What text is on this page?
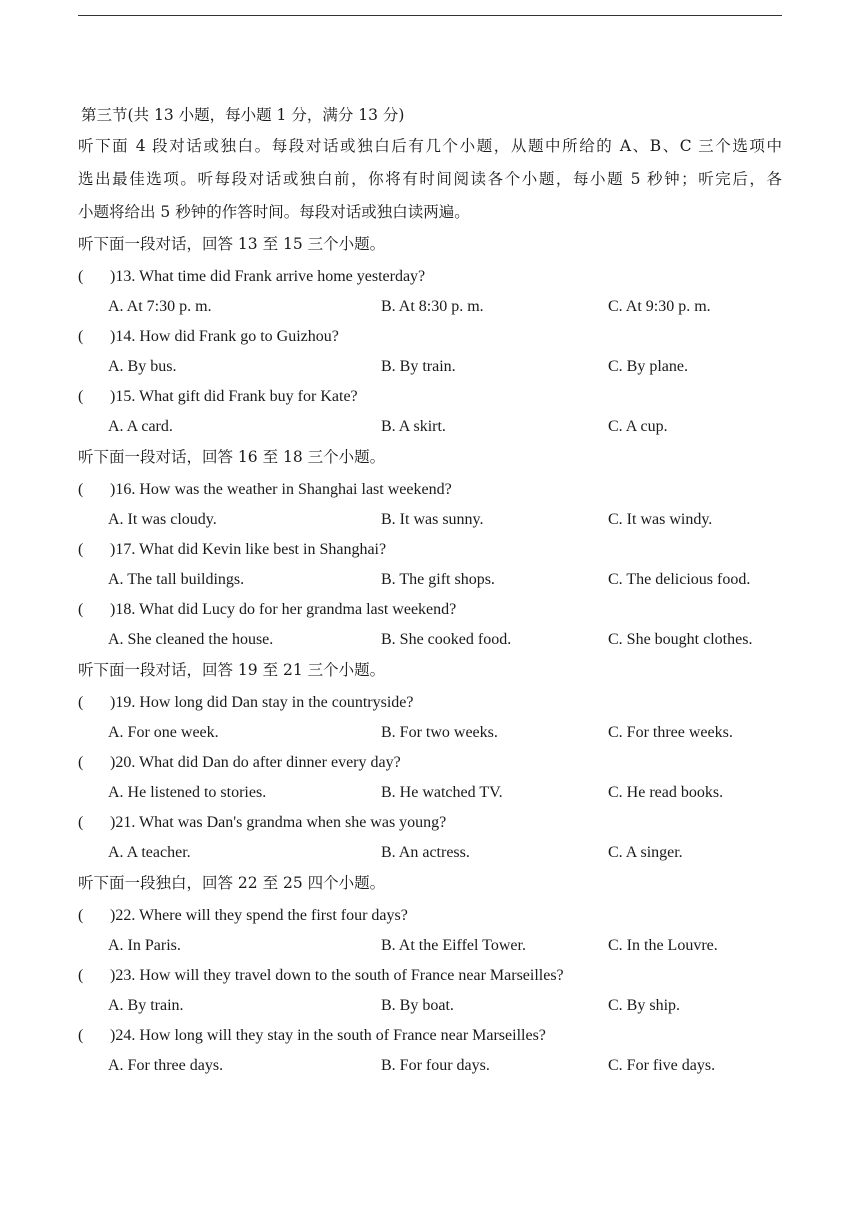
第三节(共 13 小题，每小题 1 分，满分 13 分)

听下面 4 段对话或独白。每段对话或独白后有几个小题，从题中所给的 A、B、C 三个选项中

选出最佳选项。听每段对话或独白前，你将有时间阅读各个小题，每小题 5 秒钟；听完后，各

小题将给出 5 秒钟的作答时间。每段对话或独白读两遍。

听下面一段对话，回答 13 至 15 三个小题。
( )13. What time did Frank arrive home yesterday?
A. At 7:30 p. m.	B. At 8:30 p. m.	C. At 9:30 p. m.
( )14. How did Frank go to Guizhou?
A. By bus.	B. By train.	C. By plane.
( )15. What gift did Frank buy for Kate?
A. A card.	B. A skirt.	C. A cup.
听下面一段对话，回答 16 至 18 三个小题。
( )16. How was the weather in Shanghai last weekend?
A. It was cloudy.	B. It was sunny.	C. It was windy.
( )17. What did Kevin like best in Shanghai?
A. The tall buildings.	B. The gift shops.	C. The delicious food.
( )18. What did Lucy do for her grandma last weekend?
A. She cleaned the house.	B. She cooked food.	C. She bought clothes.
听下面一段对话，回答 19 至 21 三个小题。
( )19. How long did Dan stay in the countryside?
A. For one week.	B. For two weeks.	C. For three weeks.
( )20. What did Dan do after dinner every day?
A. He listened to stories.	B. He watched TV.	C. He read books.
( )21. What was Dan's grandma when she was young?
A. A teacher.	B. An actress.	C. A singer.
听下面一段独白，回答 22 至 25 四个小题。
( )22. Where will they spend the first four days?
A. In Paris.	B. At the Eiffel Tower.	C. In the Louvre.
( )23. How will they travel down to the south of France near Marseilles?
A. By train.	B. By boat.	C. By ship.
( )24. How long will they stay in the south of France near Marseilles?
A. For three days.	B. For four days.	C. For five days.
